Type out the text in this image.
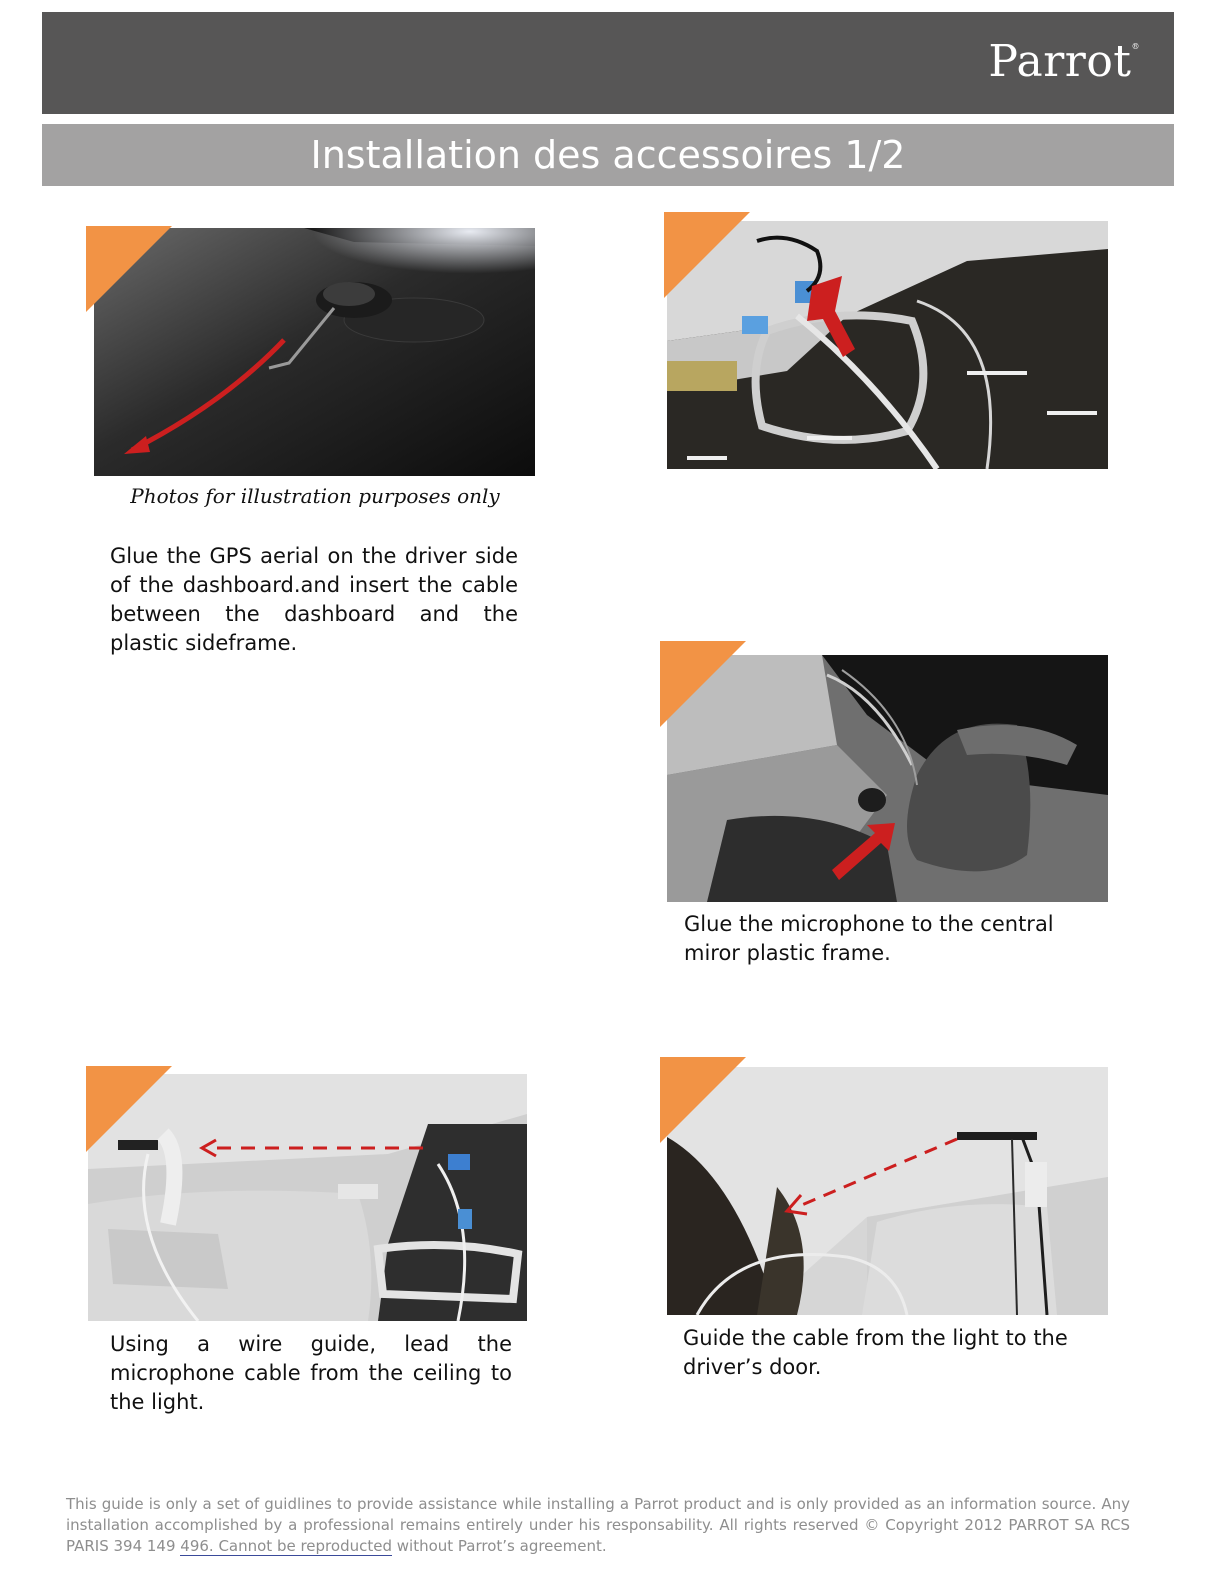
Parrot®
Installation des accessoires 1/2
Photos for illustration purposes only
Glue the GPS aerial on the driver side of the dashboard.and insert the cable between the dashboard and the plastic sideframe.
Glue the microphone to the central miror plastic frame.
Using a wire guide, lead the microphone cable from the ceiling to the light.
Guide the cable from the light to the driver’s door.
This guide is only a set of guidlines to provide assistance while installing a Parrot product and is only provided as an information source. Any installation accomplished by a professional remains entirely under his responsability. All rights reserved © Copyright 2012 PARROT SA RCS PARIS 394 149 496. Cannot be reproducted without Parrot’s agreement.
